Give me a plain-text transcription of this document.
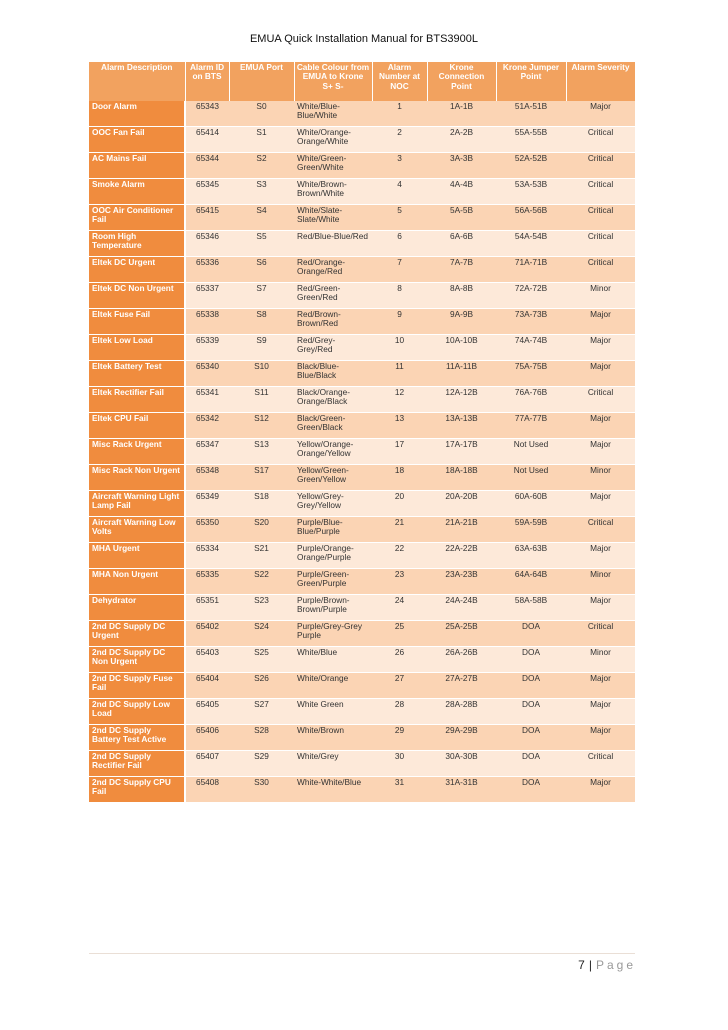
EMUA Quick Installation Manual for BTS3900L
Alarm Description	Alarm ID on BTS	EMUA Port	Cable Colour from EMUA to Krone S+ S-	Alarm Number at NOC	Krone Connection Point	Krone Jumper Point	Alarm Severity
Door Alarm	65343	S0	White/Blue-Blue/White	1	1A-1B	51A-51B	Major
OOC Fan Fail	65414	S1	White/Orange-Orange/White	2	2A-2B	55A-55B	Critical
AC Mains Fail	65344	S2	White/Green-Green/White	3	3A-3B	52A-52B	Critical
Smoke Alarm	65345	S3	White/Brown-Brown/White	4	4A-4B	53A-53B	Critical
OOC Air Conditioner Fail	65415	S4	White/Slate-Slate/White	5	5A-5B	56A-56B	Critical
Room High Temperature	65346	S5	Red/Blue-Blue/Red	6	6A-6B	54A-54B	Critical
Eltek DC Urgent	65336	S6	Red/Orange-Orange/Red	7	7A-7B	71A-71B	Critical
Eltek DC Non Urgent	65337	S7	Red/Green-Green/Red	8	8A-8B	72A-72B	Minor
Eltek Fuse Fail	65338	S8	Red/Brown-Brown/Red	9	9A-9B	73A-73B	Major
Eltek Low Load	65339	S9	Red/Grey-Grey/Red	10	10A-10B	74A-74B	Major
Eltek Battery Test	65340	S10	Black/Blue-Blue/Black	11	11A-11B	75A-75B	Major
Eltek Rectifier Fail	65341	S11	Black/Orange-Orange/Black	12	12A-12B	76A-76B	Critical
Eltek CPU Fail	65342	S12	Black/Green-Green/Black	13	13A-13B	77A-77B	Major
Misc Rack Urgent	65347	S13	Yellow/Orange-Orange/Yellow	17	17A-17B	Not Used	Major
Misc Rack Non Urgent	65348	S17	Yellow/Green-Green/Yellow	18	18A-18B	Not Used	Minor
Aircraft Warning Light Lamp Fail	65349	S18	Yellow/Grey-Grey/Yellow	20	20A-20B	60A-60B	Major
Aircraft Warning Low Volts	65350	S20	Purple/Blue-Blue/Purple	21	21A-21B	59A-59B	Critical
MHA Urgent	65334	S21	Purple/Orange-Orange/Purple	22	22A-22B	63A-63B	Major
MHA Non Urgent	65335	S22	Purple/Green-Green/Purple	23	23A-23B	64A-64B	Minor
Dehydrator	65351	S23	Purple/Brown-Brown/Purple	24	24A-24B	58A-58B	Major
2nd DC Supply DC Urgent	65402	S24	Purple/Grey-Grey Purple	25	25A-25B	DOA	Critical
2nd DC Supply DC Non Urgent	65403	S25	White/Blue	26	26A-26B	DOA	Minor
2nd DC Supply Fuse Fail	65404	S26	White/Orange	27	27A-27B	DOA	Major
2nd DC Supply Low Load	65405	S27	White Green	28	28A-28B	DOA	Major
2nd DC Supply Battery Test Active	65406	S28	White/Brown	29	29A-29B	DOA	Major
2nd DC Supply Rectifier Fail	65407	S29	White/Grey	30	30A-30B	DOA	Critical
2nd DC Supply CPU Fail	65408	S30	White-White/Blue	31	31A-31B	DOA	Major
7 | Page
